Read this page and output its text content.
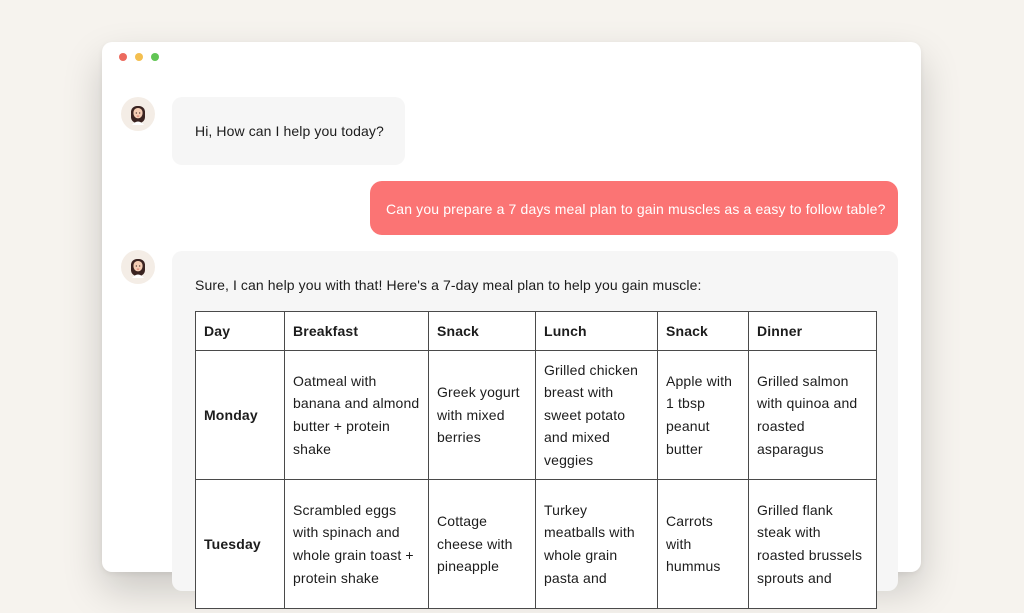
Hi, How can I help you today?
Can you prepare a 7 days meal plan to gain muscles as a easy to follow table?
Sure, I can help you with that! Here's a 7-day meal plan to help you gain muscle:
Day	Breakfast	Snack	Lunch	Snack	Dinner
Monday	Oatmeal with banana and almond butter + protein shake	Greek yogurt with mixed berries	Grilled chicken breast with sweet potato and mixed veggies	Apple with 1 tbsp peanut butter	Grilled salmon with quinoa and roasted asparagus
Tuesday	Scrambled eggs with spinach and whole grain toast + protein shake	Cottage cheese with pineapple	Turkey meatballs with whole grain pasta and	Carrots with hummus	Grilled flank steak with roasted brussels sprouts and
